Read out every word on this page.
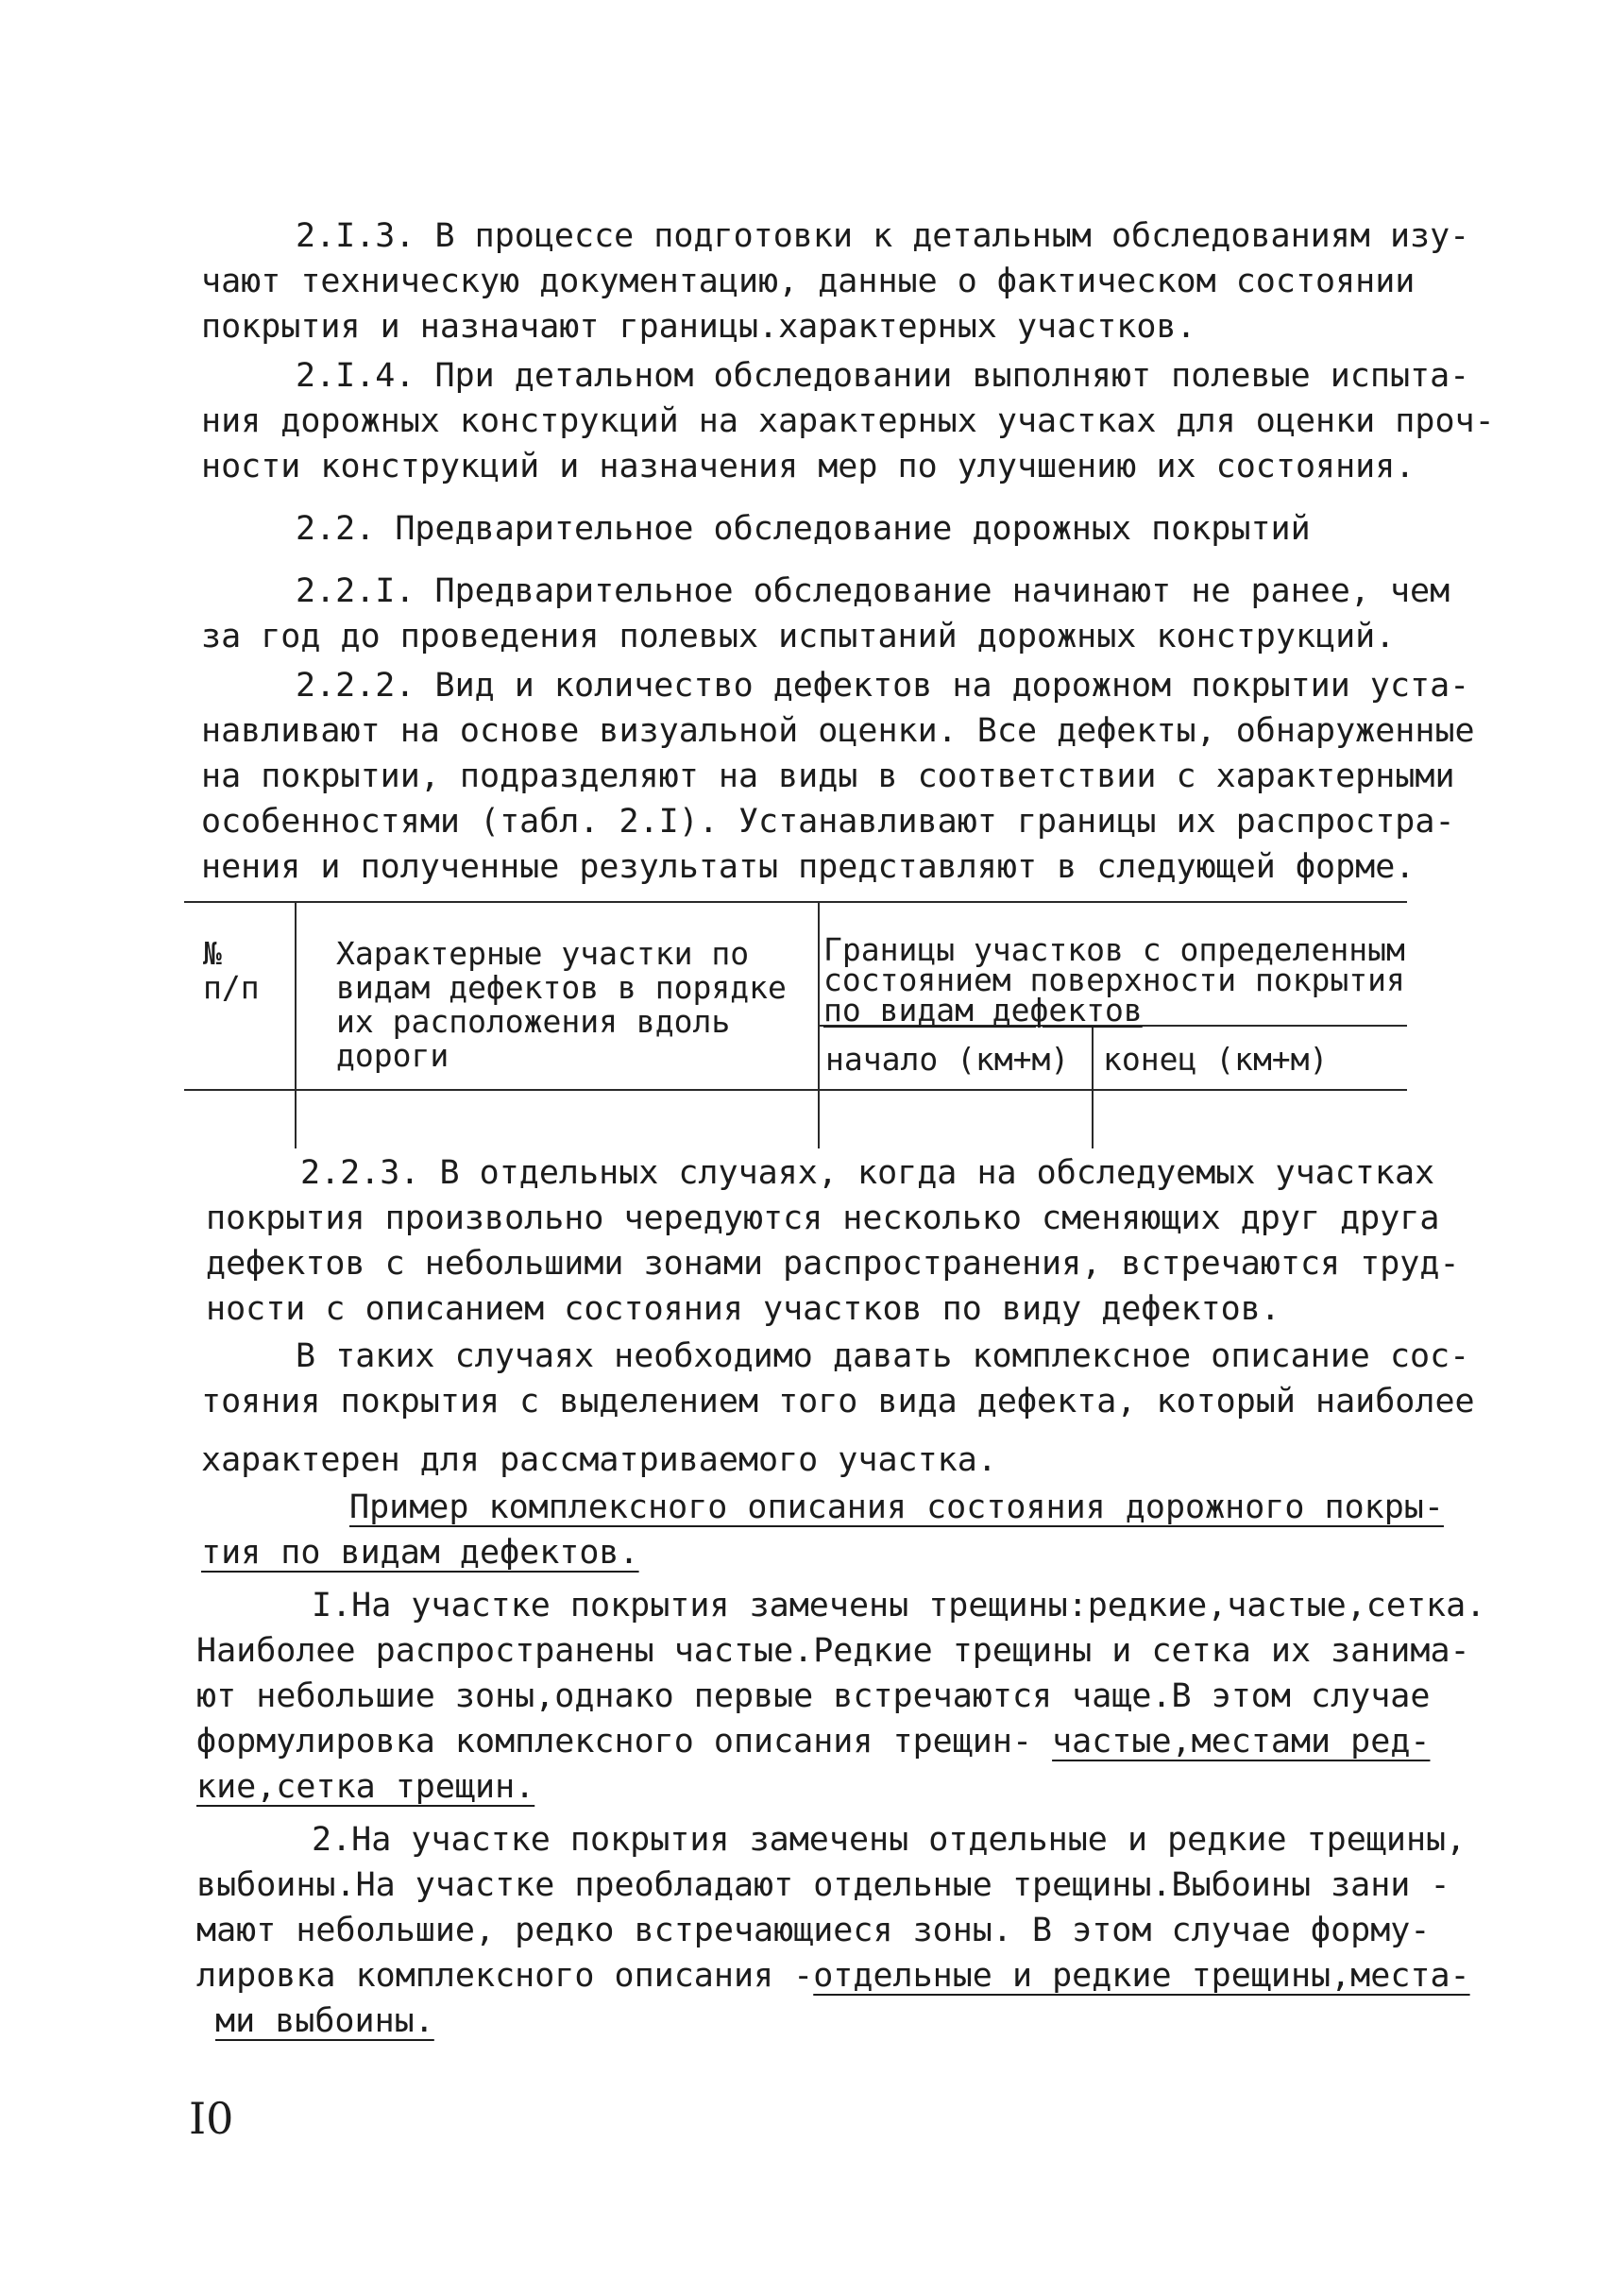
2.I.3. В процессе подготовки к детальным обследованиям изу-

чают техническую документацию, данные о фактическом состоянии

покрытия и назначают границы.характерных участков.

2.I.4. При детальном обследовании выполняют полевые испыта-

ния дорожных конструкций на характерных участках для оценки проч-

ности конструкций и назначения мер по улучшению их состояния.

2.2. Предварительное обследование дорожных покрытий

2.2.I. Предварительное обследование начинают не ранее, чем

за год до проведения полевых испытаний дорожных конструкций.

2.2.2. Вид и количество дефектов на дорожном покрытии уста-

навливают на основе визуальной оценки. Все дефекты, обнаруженные

на покрытии, подразделяют на виды в соответствии с характерными

особенностями (табл. 2.I). Устанавливают границы их распростра-

нения и полученные результаты представляют в следующей форме.

№

п/п

Характерные участки по

видам дефектов в порядке

их расположения вдоль

дороги

Границы участков с определенным

состоянием поверхности покрытия

по видам дефектов

начало (км+м) конец (км+м)

2.2.3. В отдельных случаях, когда на обследуемых участках

покрытия произвольно чередуются несколько сменяющих друг друга

дефектов с небольшими зонами распространения, встречаются труд-

ности с описанием состояния участков по виду дефектов.

В таких случаях необходимо давать комплексное описание сос-

тояния покрытия с выделением того вида дефекта, который наиболее

характерен для рассматриваемого участка.

Пример комплексного описания состояния дорожного покры-

тия по видам дефектов.

I.На участке покрытия замечены трещины:редкие,частые,сетка.

Наиболее распространены частые.Редкие трещины и сетка их занима-

ют небольшие зоны,однако первые встречаются чаще.В этом случае

формулировка комплексного описания трещин- частые,местами ред-

кие,сетка трещин.

2.На участке покрытия замечены отдельные и редкие трещины,

выбоины.На участке преобладают отдельные трещины.Выбоины зани -

мают небольшие, редко встречающиеся зоны. В этом случае форму-

лировка комплексного описания -отдельные и редкие трещины,места-

ми выбоины.

I0
